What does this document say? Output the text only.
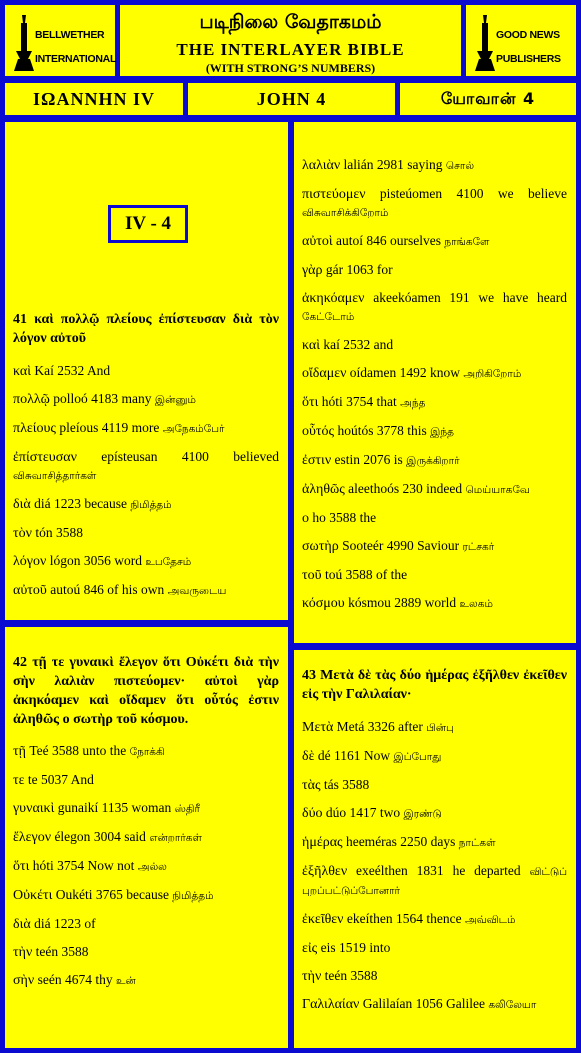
BELLWETHER
INTERNATIONAL
படிநிலை வேதாகமம்
THE INTERLAYER BIBLE
(WITH STRONG’S NUMBERS)
GOOD NEWS
PUBLISHERS
ΙΩΑΝΝΗΝ IV	JOHN 4	யோவான் 4
IV - 4
41 καὶ πολλῷ πλείους ἐπίστευσαν διὰ τὸν λόγον αὐτοῦ
καὶ Kaí 2532 And
πολλῷ polloó 4183 many இன்னும்
πλείους pleíous 4119 more அநேகம்பேர்
ἐπίστευσαν epísteusan 4100 believed விசுவாசித்தார்கள்
διὰ diá 1223 because நிமித்தம்
τὸν tón 3588
λόγον lógon 3056 word உபதேசம்
αὐτοῦ autoú 846 of his own அவருடைய
λαλιὰν lalián 2981 saying சொல்
πιστεύομεν pisteúomen 4100 we believe விசுவாசிக்கிறோம்
αὐτοὶ autoí 846 ourselves நாங்களே
γὰρ gár 1063 for
ἀκηκόαμεν akeekóamen 191 we have heard கேட்டோம்
καὶ kaí 2532 and
οἴδαμεν oídamen 1492 know அறிகிறோம்
ὅτι hóti 3754 that அந்த
οὗτός hoútós 3778 this இந்த
ἐστιν estin 2076 is இருக்கிறார்
ἀληθῶς aleethoós 230 indeed மெய்யாகவே
ο ho 3588 the
σωτὴρ Sooteér 4990 Saviour ரட்சகர்
τοῦ toú 3588 of the
κόσμου kósmou 2889 world உலகம்
42 τῇ τε γυναικὶ ἔλεγον ὅτι Οὐκέτι διὰ τὴν σὴν λαλιὰν πιστεύομεν· αὐτοὶ γὰρ ἀκηκόαμεν καὶ οἴδαμεν ὅτι οὗτός ἐστιν ἀληθῶς ο σωτὴρ τοῦ κόσμου.
τῇ Teé 3588 unto the நோக்கி
τε te 5037 And
γυναικὶ gunaikí 1135 woman ஸ்திரீ
ἔλεγον élegon 3004 said என்றார்கள்
ὅτι hóti 3754 Now not அல்ல
Οὐκέτι Oukéti 3765 because நிமித்தம்
διὰ diá 1223 of
τὴν teén 3588
σὴν seén 4674 thy உன்
43 Μετὰ δὲ τὰς δύο ἡμέρας ἐξῆλθεν ἐκεῖθεν εἰς τὴν Γαλιλαίαν·
Μετὰ Metá 3326 after பின்பு
δὲ dé 1161 Now இப்போது
τὰς tás 3588
δύο dúo 1417 two இரண்டு
ἡμέρας heeméras 2250 days நாட்கள்
ἐξῆλθεν exeélthen 1831 he departed விட்டுப் புறப்பட்டுப்போனார்
ἐκεῖθεν ekeíthen 1564 thence அவ்விடம்
εἰς eis 1519 into
τὴν teén 3588
Γαλιλαίαν Galilaían 1056 Galilee கலிலேயா
